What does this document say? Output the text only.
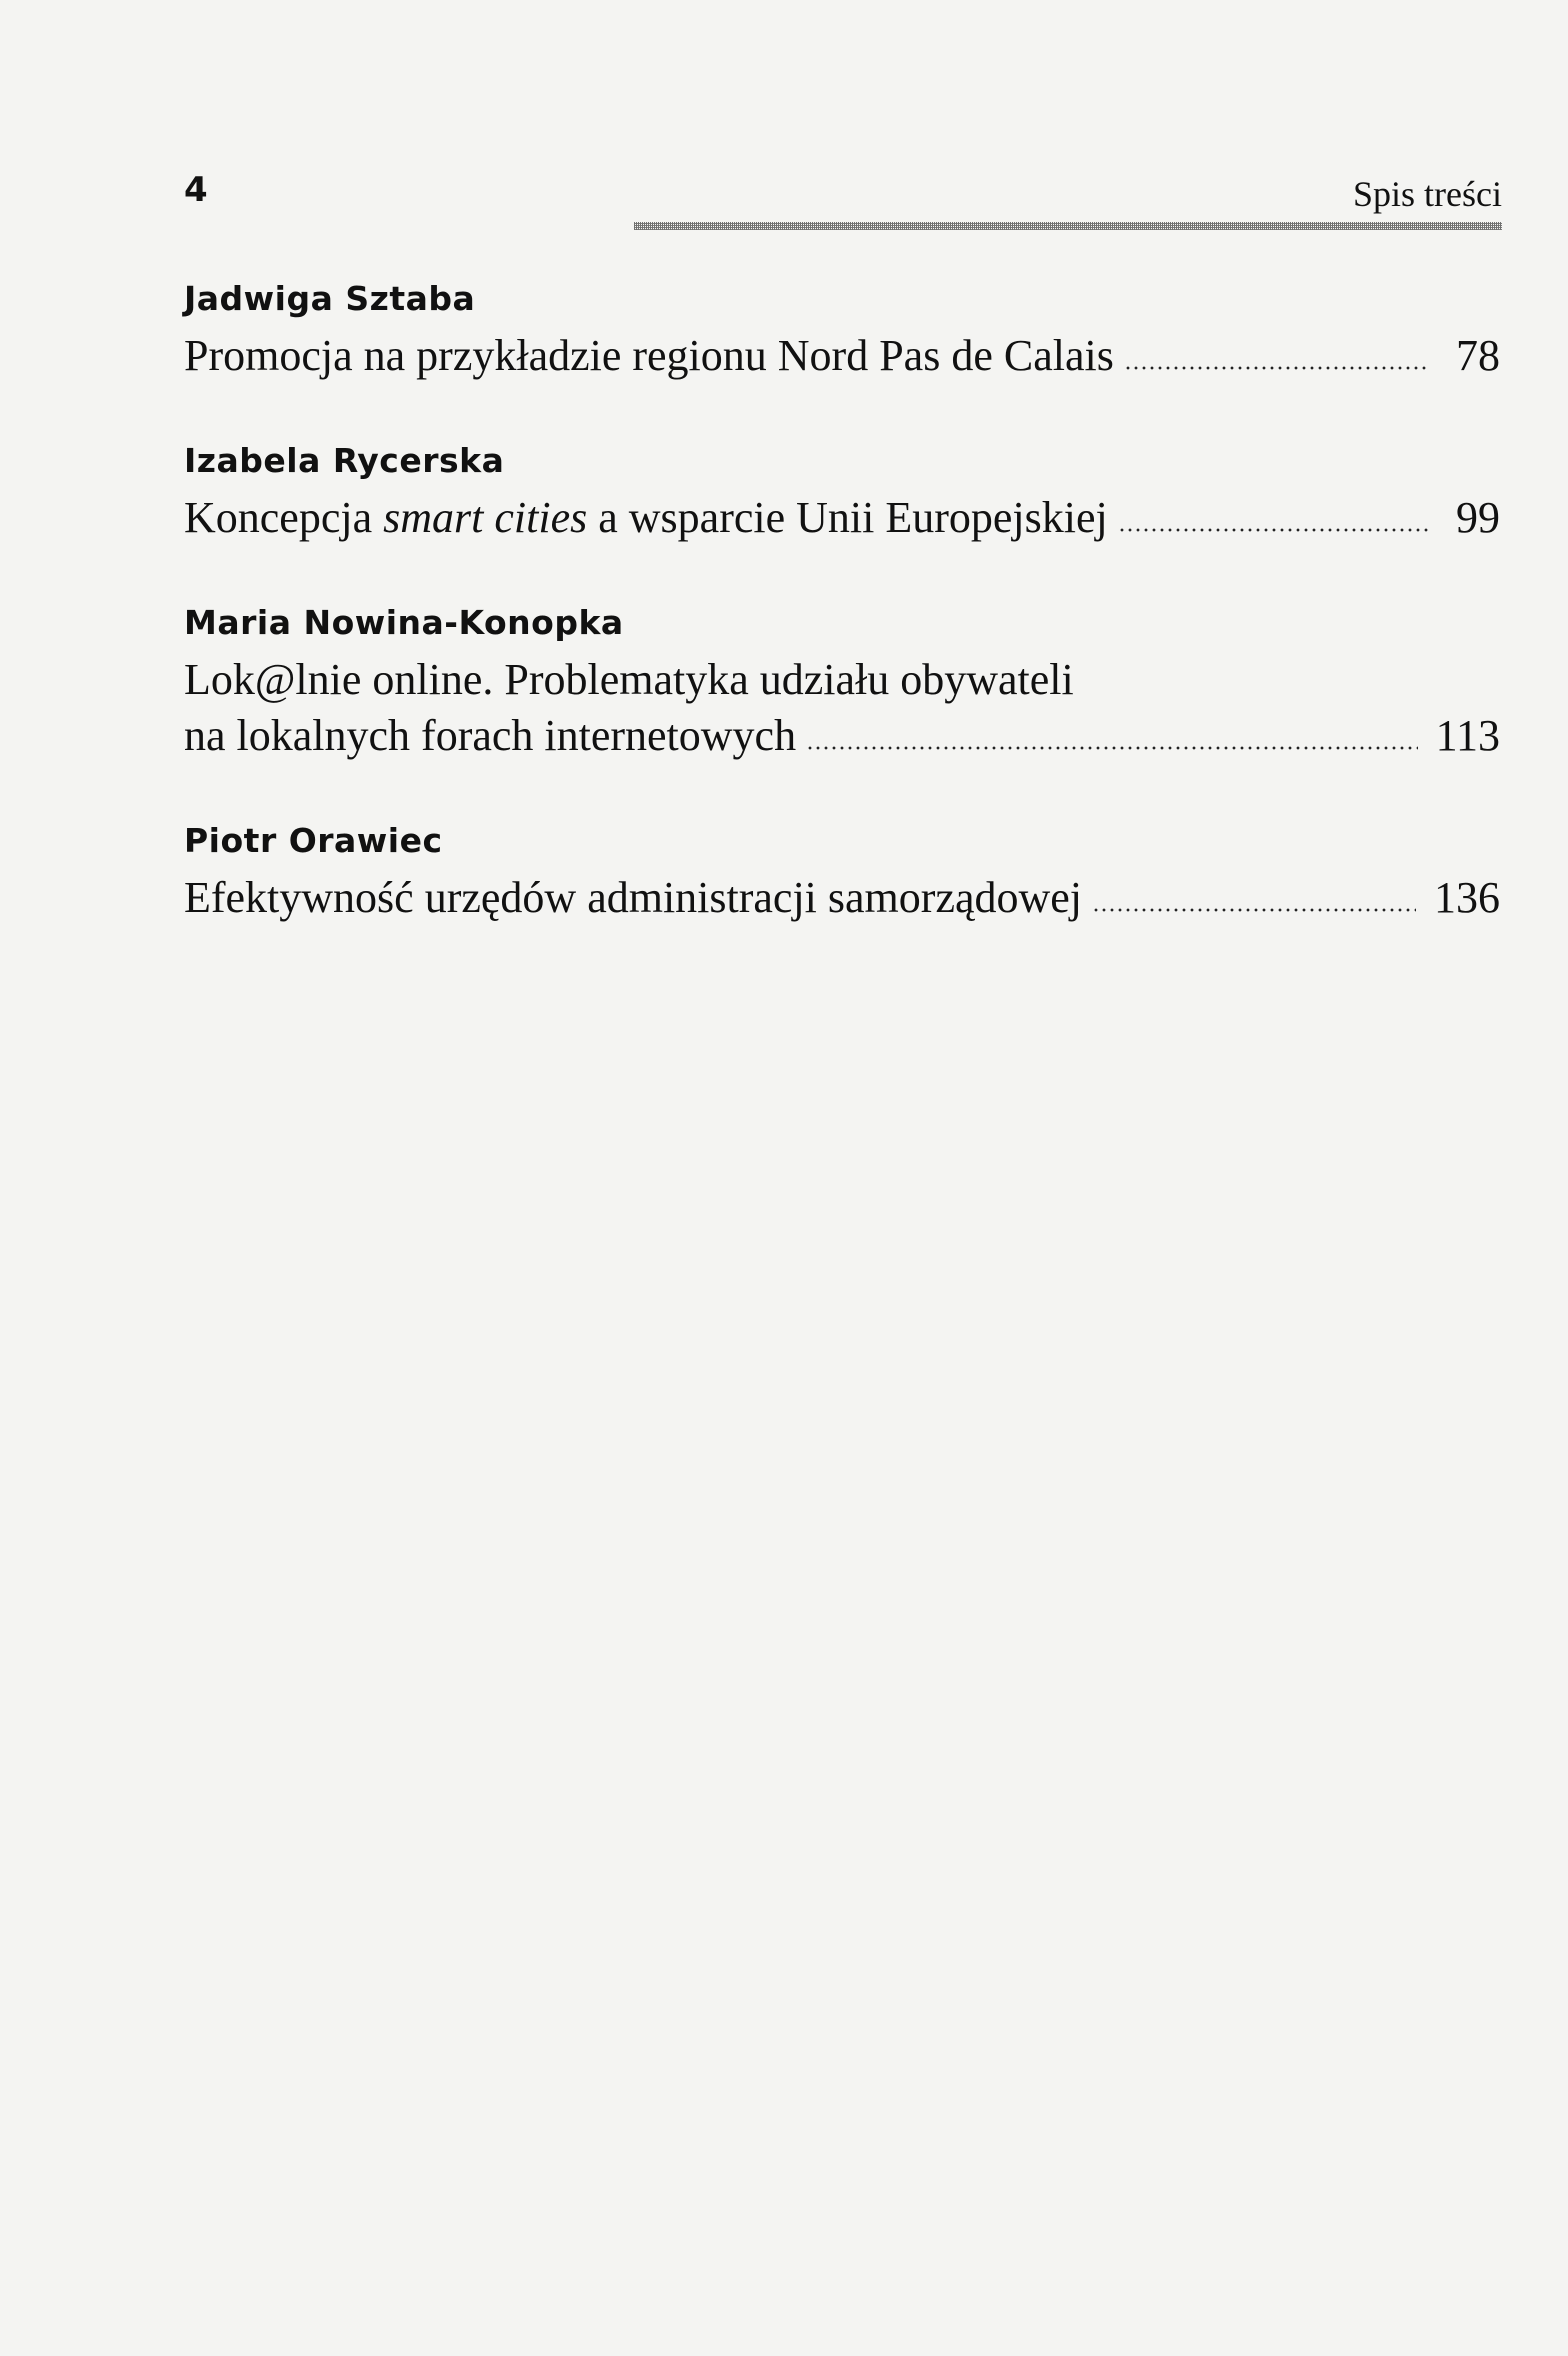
4	Spis treści
Jadwiga Sztaba
Promocja na przykładzie regionu Nord Pas de Calais	78
Izabela Rycerska
Koncepcja smart cities a wsparcie Unii Europejskiej	99
Maria Nowina-Konopka
Lok@lnie online. Problematyka udziału obywateli
na lokalnych forach internetowych	113
Piotr Orawiec
Efektywność urzędów administracji samorządowej	136
